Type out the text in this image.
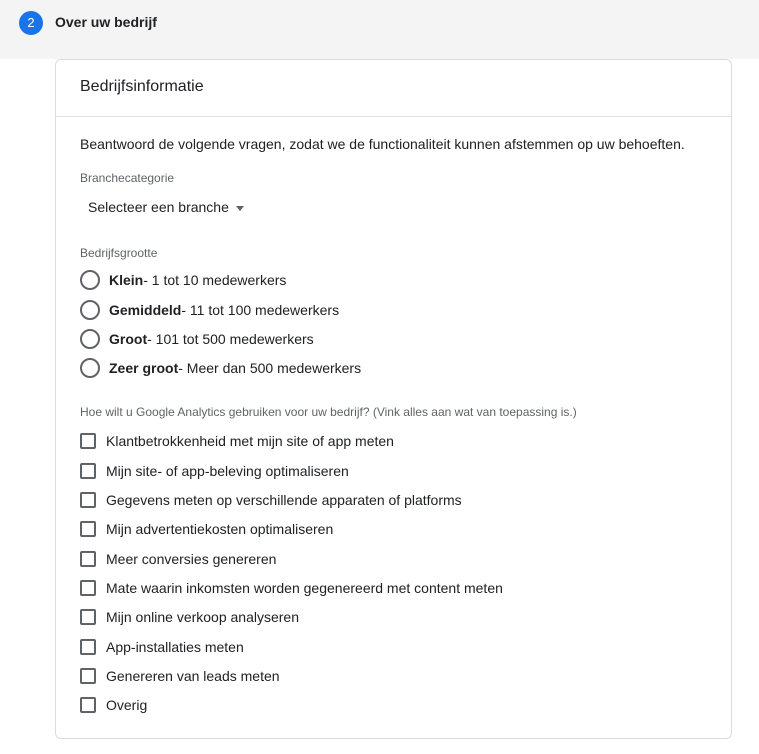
2	Over uw bedrijf
Bedrijfsinformatie
Beantwoord de volgende vragen, zodat we de functionaliteit kunnen afstemmen op uw behoeften.
Branchecategorie
Selecteer een branche
Bedrijfsgrootte
Klein - 1 tot 10 medewerkers
Gemiddeld - 11 tot 100 medewerkers
Groot - 101 tot 500 medewerkers
Zeer groot - Meer dan 500 medewerkers
Hoe wilt u Google Analytics gebruiken voor uw bedrijf? (Vink alles aan wat van toepassing is.)
Klantbetrokkenheid met mijn site of app meten
Mijn site- of app-beleving optimaliseren
Gegevens meten op verschillende apparaten of platforms
Mijn advertentiekosten optimaliseren
Meer conversies genereren
Mate waarin inkomsten worden gegenereerd met content meten
Mijn online verkoop analyseren
App-installaties meten
Genereren van leads meten
Overig
